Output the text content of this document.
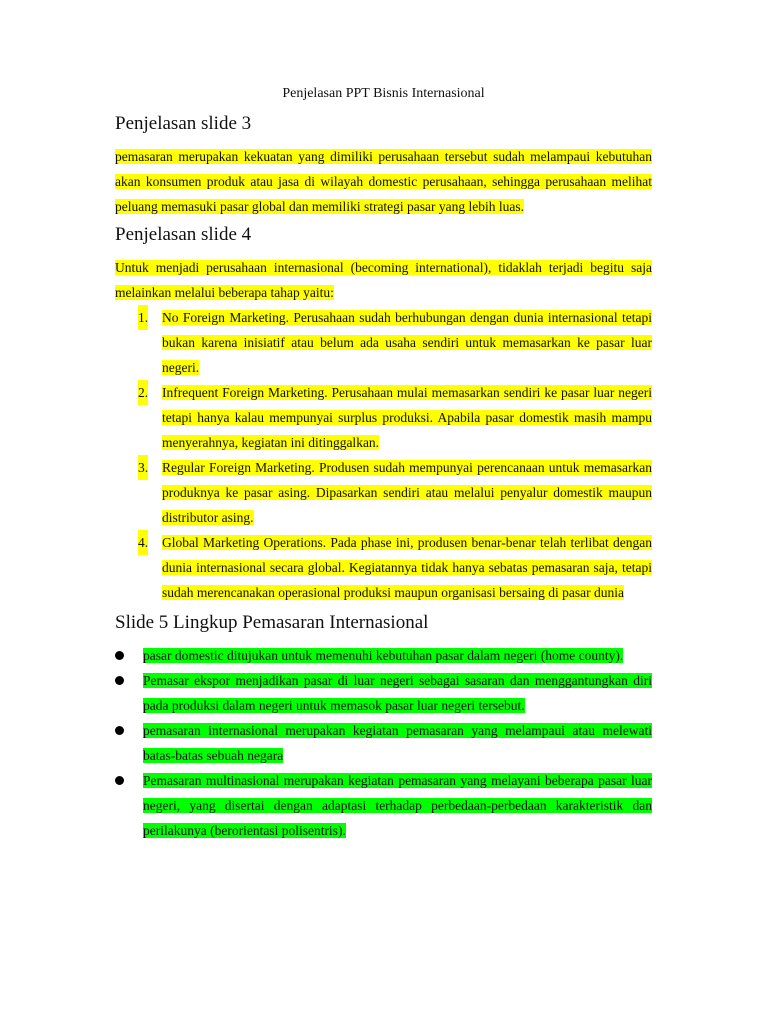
Penjelasan PPT Bisnis Internasional
Penjelasan slide 3

pemasaran merupakan kekuatan yang dimiliki perusahaan tersebut sudah melampaui kebutuhan akan konsumen produk atau jasa di wilayah domestic perusahaan, sehingga perusahaan melihat peluang memasuki pasar global dan memiliki strategi pasar yang lebih luas.

Penjelasan slide 4

Untuk menjadi perusahaan internasional (becoming international), tidaklah terjadi begitu saja melainkan melalui beberapa tahap yaitu:

1. No Foreign Marketing. Perusahaan sudah berhubungan dengan dunia internasional tetapi bukan karena inisiatif atau belum ada usaha sendiri untuk memasarkan ke pasar luar negeri.
2. Infrequent Foreign Marketing. Perusahaan mulai memasarkan sendiri ke pasar luar negeri tetapi hanya kalau mempunyai surplus produksi. Apabila pasar domestik masih mampu menyerahnya, kegiatan ini ditinggalkan.
3. Regular Foreign Marketing. Produsen sudah mempunyai perencanaan untuk memasarkan produknya ke pasar asing. Dipasarkan sendiri atau melalui penyalur domestik maupun distributor asing.
4. Global Marketing Operations. Pada phase ini, produsen benar-benar telah terlibat dengan dunia internasional secara global. Kegiatannya tidak hanya sebatas pemasaran saja, tetapi sudah merencanakan operasional produksi maupun organisasi bersaing di pasar dunia
Slide 5 Lingkup Pemasaran Internasional
pasar domestic ditujukan untuk memenuhi kebutuhan pasar dalam negeri (home county).
Pemasar ekspor menjadikan pasar di luar negeri sebagai sasaran dan menggantungkan diri pada produksi dalam negeri untuk memasok pasar luar negeri tersebut.
pemasaran internasional merupakan kegiatan pemasaran yang melampaui atau melewati batas-batas sebuah negara
Pemasaran multinasional merupakan kegiatan pemasaran yang melayani beberapa pasar luar negeri, yang disertai dengan adaptasi terhadap perbedaan-perbedaan karakteristik dan perilakunya (berorientasi polisentris).
